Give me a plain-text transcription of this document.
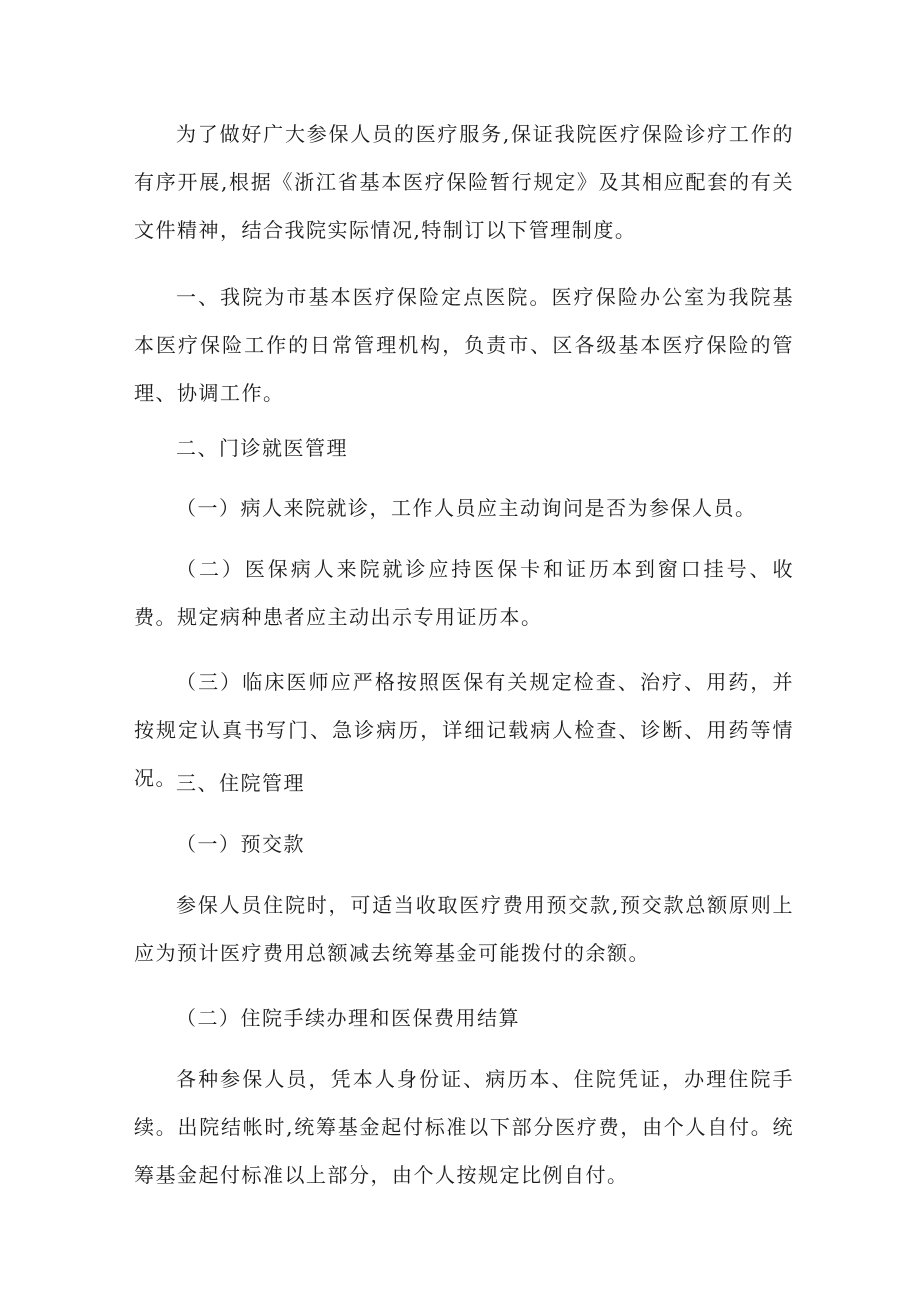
为了做好广大参保人员的医疗服务,保证我院医疗保险诊疗工作的有序开展,根据《浙江省基本医疗保险暂行规定》及其相应配套的有关文件精神，结合我院实际情况,特制订以下管理制度。

一、我院为市基本医疗保险定点医院。医疗保险办公室为我院基本医疗保险工作的日常管理机构，负责市、区各级基本医疗保险的管理、协调工作。

二、门诊就医管理

（一）病人来院就诊，工作人员应主动询问是否为参保人员。

（二）医保病人来院就诊应持医保卡和证历本到窗口挂号、收费。规定病种患者应主动出示专用证历本。

（三）临床医师应严格按照医保有关规定检查、治疗、用药，并按规定认真书写门、急诊病历，详细记载病人检查、诊断、用药等情况。 三、住院管理

（一）预交款

参保人员住院时，可适当收取医疗费用预交款,预交款总额原则上应为预计医疗费用总额减去统筹基金可能拨付的余额。

（二）住院手续办理和医保费用结算

各种参保人员，凭本人身份证、病历本、住院凭证，办理住院手续。出院结帐时,统筹基金起付标准以下部分医疗费，由个人自付。统筹基金起付标准以上部分，由个人按规定比例自付。
